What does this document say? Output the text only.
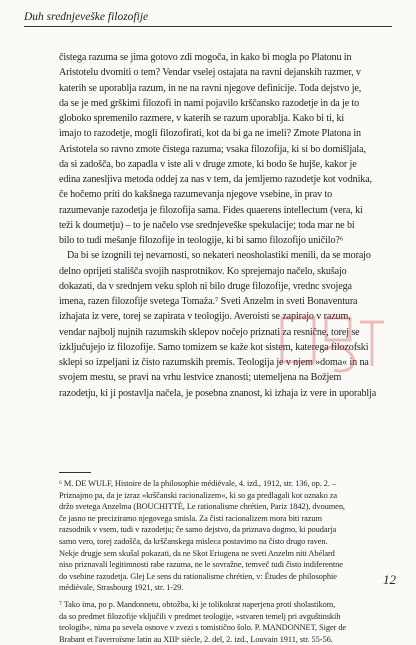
Duh srednjeveške filozofije
čistega razuma se jima gotovo zdi mogoča, in kako bi mogla po Platonu in
Aristotelu dvomiti o tem? Vendar vselej ostajata na ravni dejanskih razmer, v
katerih se uporablja razum, in ne na ravni njegove definicije. Toda dejstvo je,
da se je med grškimi filozofi in nami pojavilo krščansko razodetje in da je to
globoko spremenilo razmere, v katerih se razum uporablja. Kako bi ti, ki
imajo to razodetje, mogli filozofirati, kot da bi ga ne imeli? Zmote Platona in
Aristotela so ravno zmote čistega razuma; vsaka filozofija, ki si bo domišljala,
da si zadošča, bo zapadla v iste ali v druge zmote, ki bodo še hujše, kakor je
edina zanesljiva metoda oddej za nas v tem, da jemljemo razodetje kot vodnika,
če hočemo priti do kakšnega razumevanja njegove vsebine, in prav to
razumevanje razodetja je filozofija sama. Fides quaerens intellectum (vera, ki
teži k doumetju) – to je načelo vse srednjeveške spekulacije; toda mar ne bi
bilo to tudi mešanje filozofije in teologije, ki bi samo filozofijo uničilo?⁶
Da bi se izognili tej nevarnosti, so nekateri neosholastiki menili, da se morajo
delno oprijeti stališča svojih nasprotnikov. Ko sprejemajo načelo, skušajo
dokazati, da v srednjem veku sploh ni bilo druge filozofije, vrednc svojega
imena, razen filozofije svetega Tomaža.⁷ Sveti Anzelm in sveti Bonaventura
izhajata iz vere, torej se zapirata v teologijo. Averoisti se zapirajo v razum,
vendar najbolj nujnih razumskih sklepov nočejo priznati za resnične, torej se
izključujejo iz filozofije. Samo tomizem se kaže kot sistem, katerega filozofski
sklepi so izpeljani iz čisto razumskih premis. Teologija je v njem »doma« in na
svojem mestu, se pravi na vrhu lestvice znanosti; utemeljena na Božjem
razodetju, ki ji postavlja načela, je posebna znanost, ki izhaja iz vere in uporablja
⁶ M. DE WULF, Histoire de la philosophie médiévale, 4. izd., 1912, str. 136, op. 2. –
Priznajmo pa, da je izraz »krščanski racionalizem«, ki so ga predlagali kot oznako za
držo svetega Anzelma (BOUCHITTÉ, Le rationalisme chrétien, Pariz 1842), dvoumen,
če jasno ne preciziramo njegovega smisla. Za čisti racionalizem mora biti razum
razsodnik v vsem, tudi v razodetju; če samo dejstvo, da priznava dogmo, ki poudarja
samo vero, torej zadošča, da krščanskega misleca postavimo na čisto drugo raven.
Nekje drugje sem skušal pokazati, da ne Skot Eriugena ne sveti Anzelm niti Abélard
niso priznavali legitimnosti rabe razuma, ne le sovražne, temveč tudi čisto indiferentne
do vsebine razodetja. Glej Le sens du rationalisme chrétien, v: Études de philosophie
médiévale, Strasbourg 1921, str. 1-29.
⁷ Tako ima, po p. Mandonnetu, obtožba, ki je tolikokrat naperjena proti sholastikom,
da so predmet filozofije vključili v predmet teologije, »stvaren temelj pri avguštinskih
teologih«, nima pa sevela osnove v zvezi s tomističnо šolo. P. MANDONNET, Siger de
Brabant et l'averroïsme latin au XIIIᵉ siècle, 2. del, 2. izd., Louvain 1911, str. 55-56.
12
